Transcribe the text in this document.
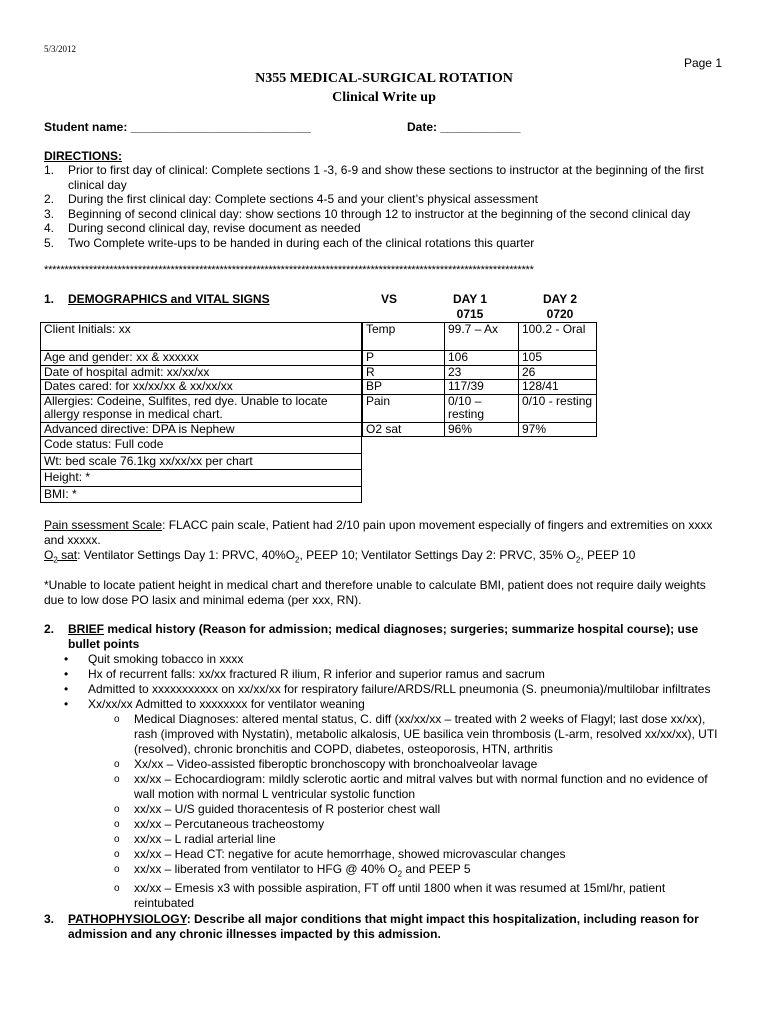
5/3/2012
Page 1
N355 MEDICAL-SURGICAL ROTATION
Clinical Write up
Student name: ___________________________	Date: ____________
DIRECTIONS:
1. Prior to first day of clinical: Complete sections 1 -3, 6-9 and show these sections to instructor at the beginning of the first clinical day
2. During the first clinical day: Complete sections 4-5 and your client’s physical assessment
3. Beginning of second clinical day: show sections 10 through 12 to instructor at the beginning of the second clinical day
4. During second clinical day, revise document as needed
5. Two Complete write-ups to be handed in during each of the clinical rotations this quarter
************************************************************************************************************************
1. DEMOGRAPHICS and VITAL SIGNS	VS	DAY 1
0715
DAY 2
0720
Client Initials: xx
Age and gender: xx & xxxxxx
Date of hospital admit: xx/xx/xx
Dates cared: for xx/xx/xx & xx/xx/xx
Allergies: Codeine, Sulfites, red dye. Unable to locate allergy response in medical chart.
Advanced directive: DPA is Nephew
Code status: Full code
Wt: bed scale 76.1kg xx/xx/xx per chart
Height: *
BMI: *
Temp	99.7 – Ax	100.2 - Oral
P	106	105
R	23	26
BP	117/39	128/41
Pain	0/10 – resting	0/10 - resting
O2 sat	96%	97%
Pain ssessment Scale: FLACC pain scale, Patient had 2/10 pain upon movement especially of fingers and extremities on xxxx and xxxxx.
$O_2$ sat: Ventilator Settings Day 1: PRVC, $40\%O_2$, PEEP 10; Ventilator Settings Day 2: PRVC, 35% $O_2$, PEEP 10
*Unable to locate patient height in medical chart and therefore unable to calculate BMI, patient does not require daily weights due to low dose PO lasix and minimal edema (per xxx, RN).
2. BRIEF medical history (Reason for admission; medical diagnoses; surgeries; summarize hospital course); use bullet points
• Quit smoking tobacco in xxxx
• Hx of recurrent falls: xx/xx fractured R ilium, R inferior and superior ramus and sacrum
• Admitted to xxxxxxxxxxx on xx/xx/xx for respiratory failure/ARDS/RLL pneumonia (S. pneumonia)/multilobar infiltrates
• Xx/xx/xx Admitted to xxxxxxxx for ventilator weaning
o Medical Diagnoses: altered mental status, C. diff (xx/xx/xx – treated with 2 weeks of Flagyl; last dose xx/xx), rash (improved with Nystatin), metabolic alkalosis, UE basilica vein thrombosis (L-arm, resolved xx/xx/xx), UTI (resolved), chronic bronchitis and COPD, diabetes, osteoporosis, HTN, arthritis
o Xx/xx – Video-assisted fiberoptic bronchoscopy with bronchoalveolar lavage
o xx/xx – Echocardiogram: mildly sclerotic aortic and mitral valves but with normal function and no evidence of wall motion with normal L ventricular systolic function
o xx/xx – U/S guided thoracentesis of R posterior chest wall
o xx/xx – Percutaneous tracheostomy
o xx/xx – L radial arterial line
o xx/xx – Head CT: negative for acute hemorrhage, showed microvascular changes
o xx/xx – liberated from ventilator to HFG @ 40% $O_2$ and PEEP 5
o xx/xx – Emesis x3 with possible aspiration, FT off until 1800 when it was resumed at 15ml/hr, patient reintubated
3. PATHOPHYSIOLOGY: Describe all major conditions that might impact this hospitalization, including reason for admission and any chronic illnesses impacted by this admission.
